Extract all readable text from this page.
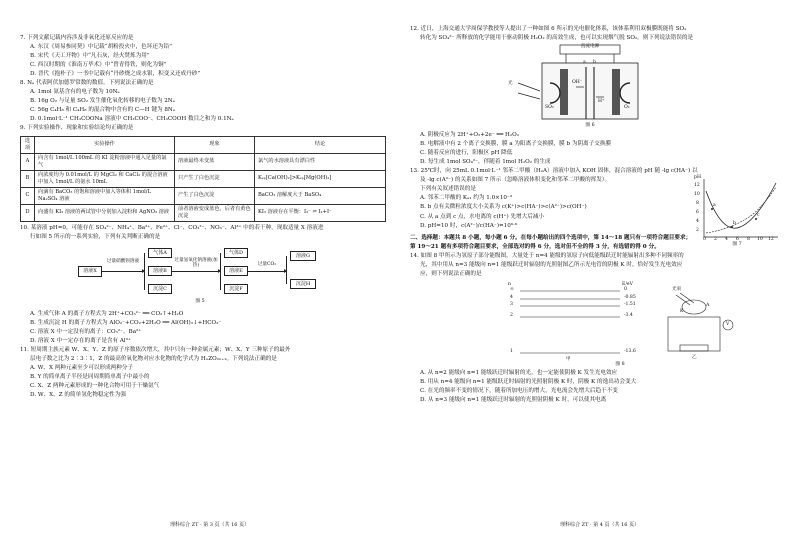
7. 下列文献记载内容涉及非氧化还原反应的是
A. 东汉《周易参同契》中记载“胡粉投火中，色坏还为铅”
B. 宋代《天工开物》中“凡石灰，经火焚炼为用”
C. 西汉时期的《淮南万毕术》中“曾青得铁，则化为铜”
D. 晋代《抱朴子》一书中记载有“丹砂烧之成水银，积变又还成丹砂”
8. Nₐ 代表阿伏加德罗常数的数值。下列说法正确的是
A. 1mol 氨基含有的电子数为 10Nₐ
B. 16g O₂ 与足量 SO₂ 发生催化氧化转移的电子数为 2Nₐ
C. 56g C₄H₈ 和 C₄H₈ 的混合物中含有的 C—H 键为 8Nₐ
D. 0.1mol·L⁻¹ CH₃COONa 溶液中 CH₃COO⁻、CH₃COOH 数目之和为 0.1Nₐ
9. 下列实验操作、现象和实验结论均正确的是
选项	实验操作	现象	结论
A	向含有 1mol/L 100mL 的 KI 淀粉溶液中通入足量的氯气	溶液最终未变蓝	氯气的水溶液具有漂白性
B	向浓度均为 0.01mol/L 的 MgCl₂ 和 CaCl₂ 的混合溶液中加入 1mol/L 的氨水 10mL	只产生了白色沉淀	Kₛₚ[Ca(OH)₂]>Kₛₚ[Mg(OH)₂]
C	向滴有 BaCO₃ 的饱和溶液中加入等体积 1mol/L Na₂SO₄ 溶液	产生了白色沉淀	BaCO₃ 溶解度大于 BaSO₄
D	向盛有 KI₃ 溶液的两试管中分别加入淀粉和 AgNO₃ 溶液	前者溶液变成蓝色，后者有黄色沉淀	KI₃ 溶液存在平衡：I₃⁻ ⇌ I₂+I⁻
10. 某溶液 pH=0，可能存在 SO₄²⁻、NH₄⁺、Ba²⁺、Fe²⁺、Cl⁻、CO₃²⁻、NO₃⁻、Al³⁺ 中的若干种，现取适量 X 溶液进
行如图 5 所示的一系列实验，下列有关判断正确的是
溶液X
过量硝酸钡溶液
气体A
溶液B
沉淀C
过量氢氧化钠溶液(加热)
气体D
溶液E
沉淀F
过量CO₂
溶液G
沉淀H
图 5
A. 生成气体 A 的离子方程式为 2H⁺+CO₃²⁻ ══ CO₂↑+H₂O
B. 生成沉淀 H 的离子方程式为 AlO₂⁻+CO₂+2H₂O ══ Al(OH)₃↓+HCO₃⁻
C. 溶液 X 中一定没有的离子：CO₃²⁻、Ba²⁺
D. 溶液 X 中一定存在的离子是含有 Al³⁺
11. 短周期主族元素 W、X、Y、Z 的原子序数依次增大，其中只有一种金属元素；W、X、Y 三种原子的最外
层电子数之比为 2∶3∶1，Z 的最高价氧化物对应水化物的化学式为 HₙZO₂ₙ₊₂。下列说法正确的是
A. W、X 两种元素至少可以形成两种分子
B. Y 的简单离子半径是同周期简单离子中最小的
C. X、Z 两种元素形成的一种化合物可用于干燥氨气
D. W、X、Z 的简单氢化物稳定性为强
理科综合 ZT · 第 3 页（共 16 页）
12. 近日，上海交通大学周保学教授等人提出了一种如图 6 所示的光电催化体系，该体系利用双极膜既能将 SO₂
转化为 SO₄²⁻ 所释放的化学能用于驱动阴极 H₂O₂ 的高效生成，也可以实现烟气脱 SO₂。则下列说法错误的是
直流电源
光
a b
OH⁻
H⁺
SO₂	O₂
图 6
A. 阴极反应为 2H⁺+O₂+2e⁻ ══ H₂O₂
B. 电解液中有 2 个离子交换膜，膜 a 为阳离子交换膜，膜 b 为阴离子交换膜
C. 随着反应的进行，阳极区 pH 降低
D. 每生成 1mol SO₄²⁻，伴随着 1mol H₂O₂ 的生成
13. 25℃时，向 25mL 0.1mol·L⁻¹ 邻苯二甲酸（H₂A）溶液中加入 KOH 固体，混合溶液的 pH 随 -lg c(HA⁻) 以
及 -lg c(A²⁻) 的关系如图 7 所示（忽略溶液体积变化和邻苯二甲酸的挥发）。
下列有关叙述错误的是
A. 邻苯二甲酸的 Kₐ₁ 约为 1.0×10⁻³
B. b 点有关微粒浓度大小关系为 c(K⁺)>c(HA⁻)>c(A²⁻)>c(OH⁻)
C. 从 a 点到 c 点，水电离的 c(H⁺) 先增大后减小
D. pH=10 时，c(A²⁻)/c(HA⁻)=10⁶·⁶
pH
12
10
8
6
4
2
0 2 4 6 8 10 12
a
b
c
图 7
二、选择题：本题共 8 小题，每小题 6 分。在每小题给出的四个选项中，第 14～18 题只有一项符合题目要求；
第 19～21 题有多项符合题目要求，全部选对的得 6 分，选对但不全的得 3 分，有选错的得 0 分。
14. 如图 8 甲所示为氢原子部分能级图，大量处于 n=4 能级的氢原子向低能级跃迁时能辐射出多种不同频率的
光，其中用从 n=3 能级向 n=1 能级跃迁时辐射的光照射图乙所示光电管的阴极 K 时，恰好发生光电效应
应，则下列说法正确的是
n	E/eV
∞	0
4	-0.85
3	-1.51
2	-3.4
1	-13.6
甲
光束
A
K
V
乙
图 8
A. 从 n=2 能级向 n=1 能级跃迁时辐射的光，也一定能使阴极 K 发生光电效应
B. 用从 n=4 能级向 n=1 能级跃迁时辐射的光照射阴极 K 时，阴极 K 的逸出功会变大
C. 在光的频率不变的情况下，随着所加电压的增大，光电流会先增大后趋于不变
D. 从 n=3 能级向 n=1 能级跃迁时辐射的光照射阴极 K 时，可以使其电离
理科综合 ZT · 第 4 页（共 16 页）
